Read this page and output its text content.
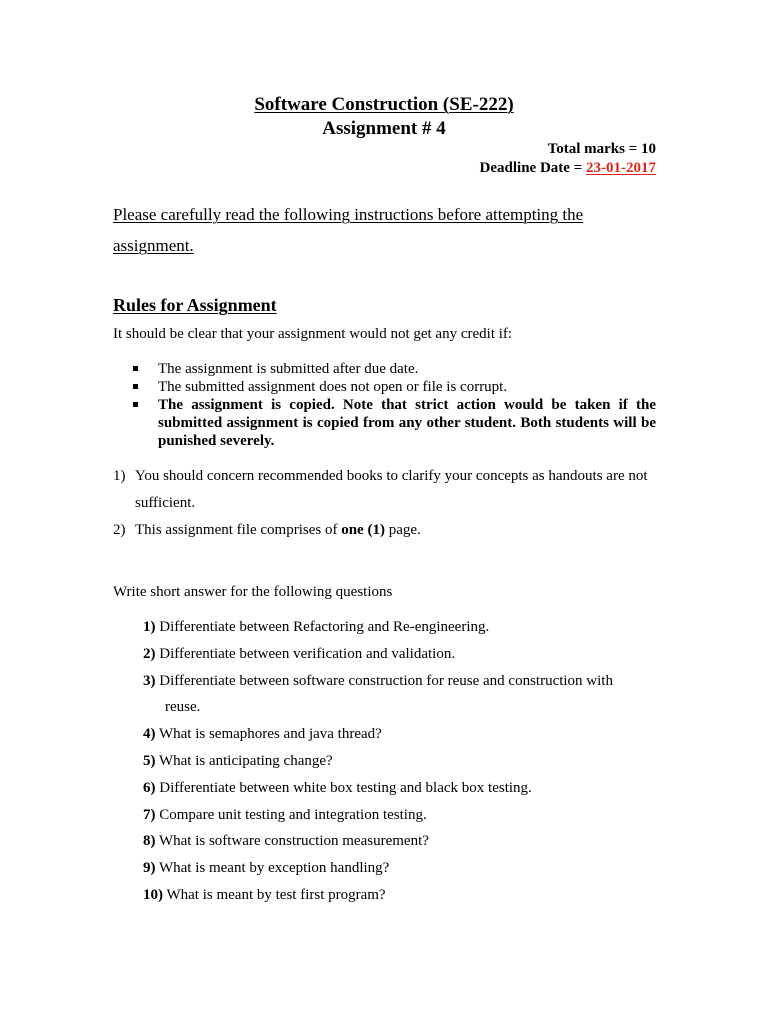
Software Construction (SE-222)
Assignment # 4
Total marks = 10
Deadline Date = 23-01-2017
Please carefully read the following instructions before attempting the assignment.
Rules for Assignment
It should be clear that your assignment would not get any credit if:
The assignment is submitted after due date.
The submitted assignment does not open or file is corrupt.
The assignment is copied. Note that strict action would be taken if the submitted assignment is copied from any other student. Both students will be punished severely.
1) You should concern recommended books to clarify your concepts as handouts are not sufficient.
2) This assignment file comprises of one (1) page.
Write short answer for the following questions
1) Differentiate between Refactoring and Re-engineering.
2) Differentiate between verification and validation.
3) Differentiate between software construction for reuse and construction with
reuse.
4) What is semaphores and java thread?
5) What is anticipating change?
6) Differentiate between white box testing and black box testing.
7) Compare unit testing and integration testing.
8) What is software construction measurement?
9) What is meant by exception handling?
10) What is meant by test first program?
